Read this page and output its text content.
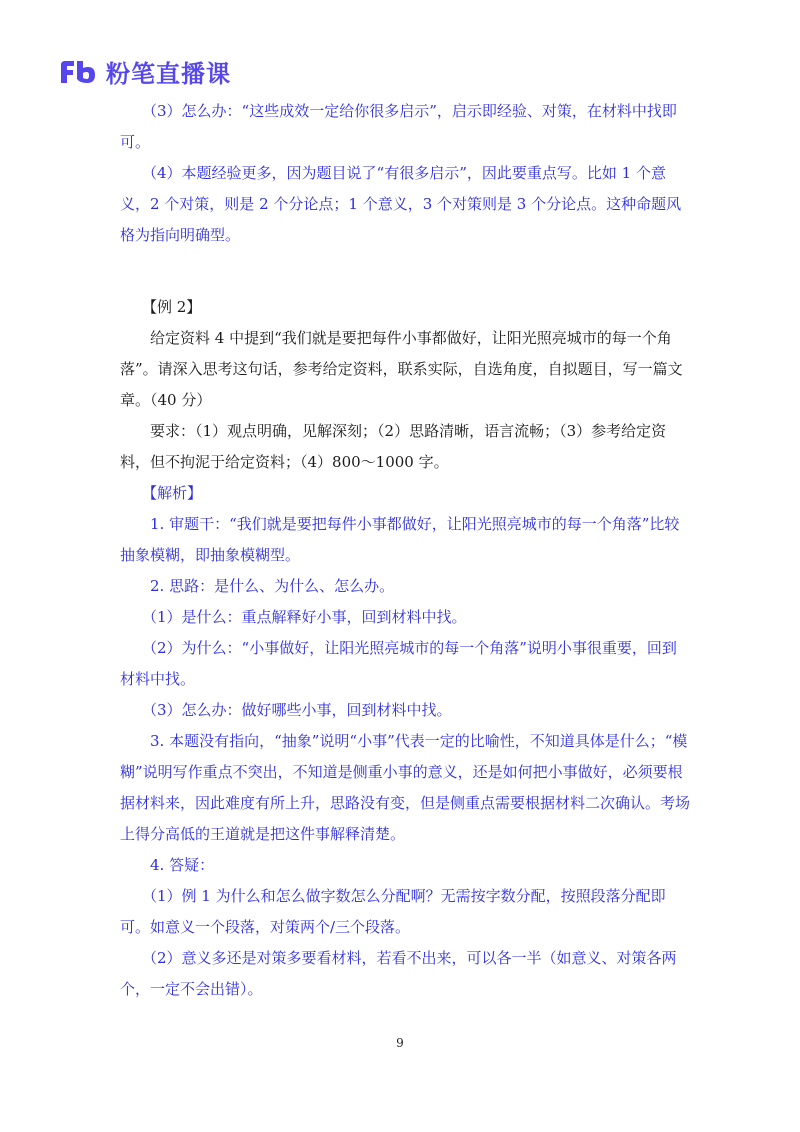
粉笔直播课

（3）怎么办：“这些成效一定给你很多启示”，启示即经验、对策，在材料中找即可。

（4）本题经验更多，因为题目说了“有很多启示”，因此要重点写。比如 1 个意义，2 个对策，则是 2 个分论点；1 个意义，3 个对策则是 3 个分论点。这种命题风格为指向明确型。

【例 2】

给定资料 4 中提到“我们就是要把每件小事都做好，让阳光照亮城市的每一个角落”。请深入思考这句话，参考给定资料，联系实际，自选角度，自拟题目，写一篇文章。（40 分）

要求：（1）观点明确，见解深刻；（2）思路清晰，语言流畅；（3）参考给定资料，但不拘泥于给定资料；（4）800～1000 字。

【解析】

1. 审题干：“我们就是要把每件小事都做好，让阳光照亮城市的每一个角落”比较抽象模糊，即抽象模糊型。

2. 思路：是什么、为什么、怎么办。

（1）是什么：重点解释好小事，回到材料中找。

（2）为什么：“小事做好，让阳光照亮城市的每一个角落”说明小事很重要，回到材料中找。

（3）怎么办：做好哪些小事，回到材料中找。

3. 本题没有指向，“抽象”说明“小事”代表一定的比喻性，不知道具体是什么；“模糊”说明写作重点不突出，不知道是侧重小事的意义，还是如何把小事做好，必须要根据材料来，因此难度有所上升，思路没有变，但是侧重点需要根据材料二次确认。考场上得分高低的王道就是把这件事解释清楚。

4. 答疑：

（1）例 1 为什么和怎么做字数怎么分配啊？无需按字数分配，按照段落分配即可。如意义一个段落，对策两个/三个段落。

（2）意义多还是对策多要看材料，若看不出来，可以各一半（如意义、对策各两个，一定不会出错）。

9
